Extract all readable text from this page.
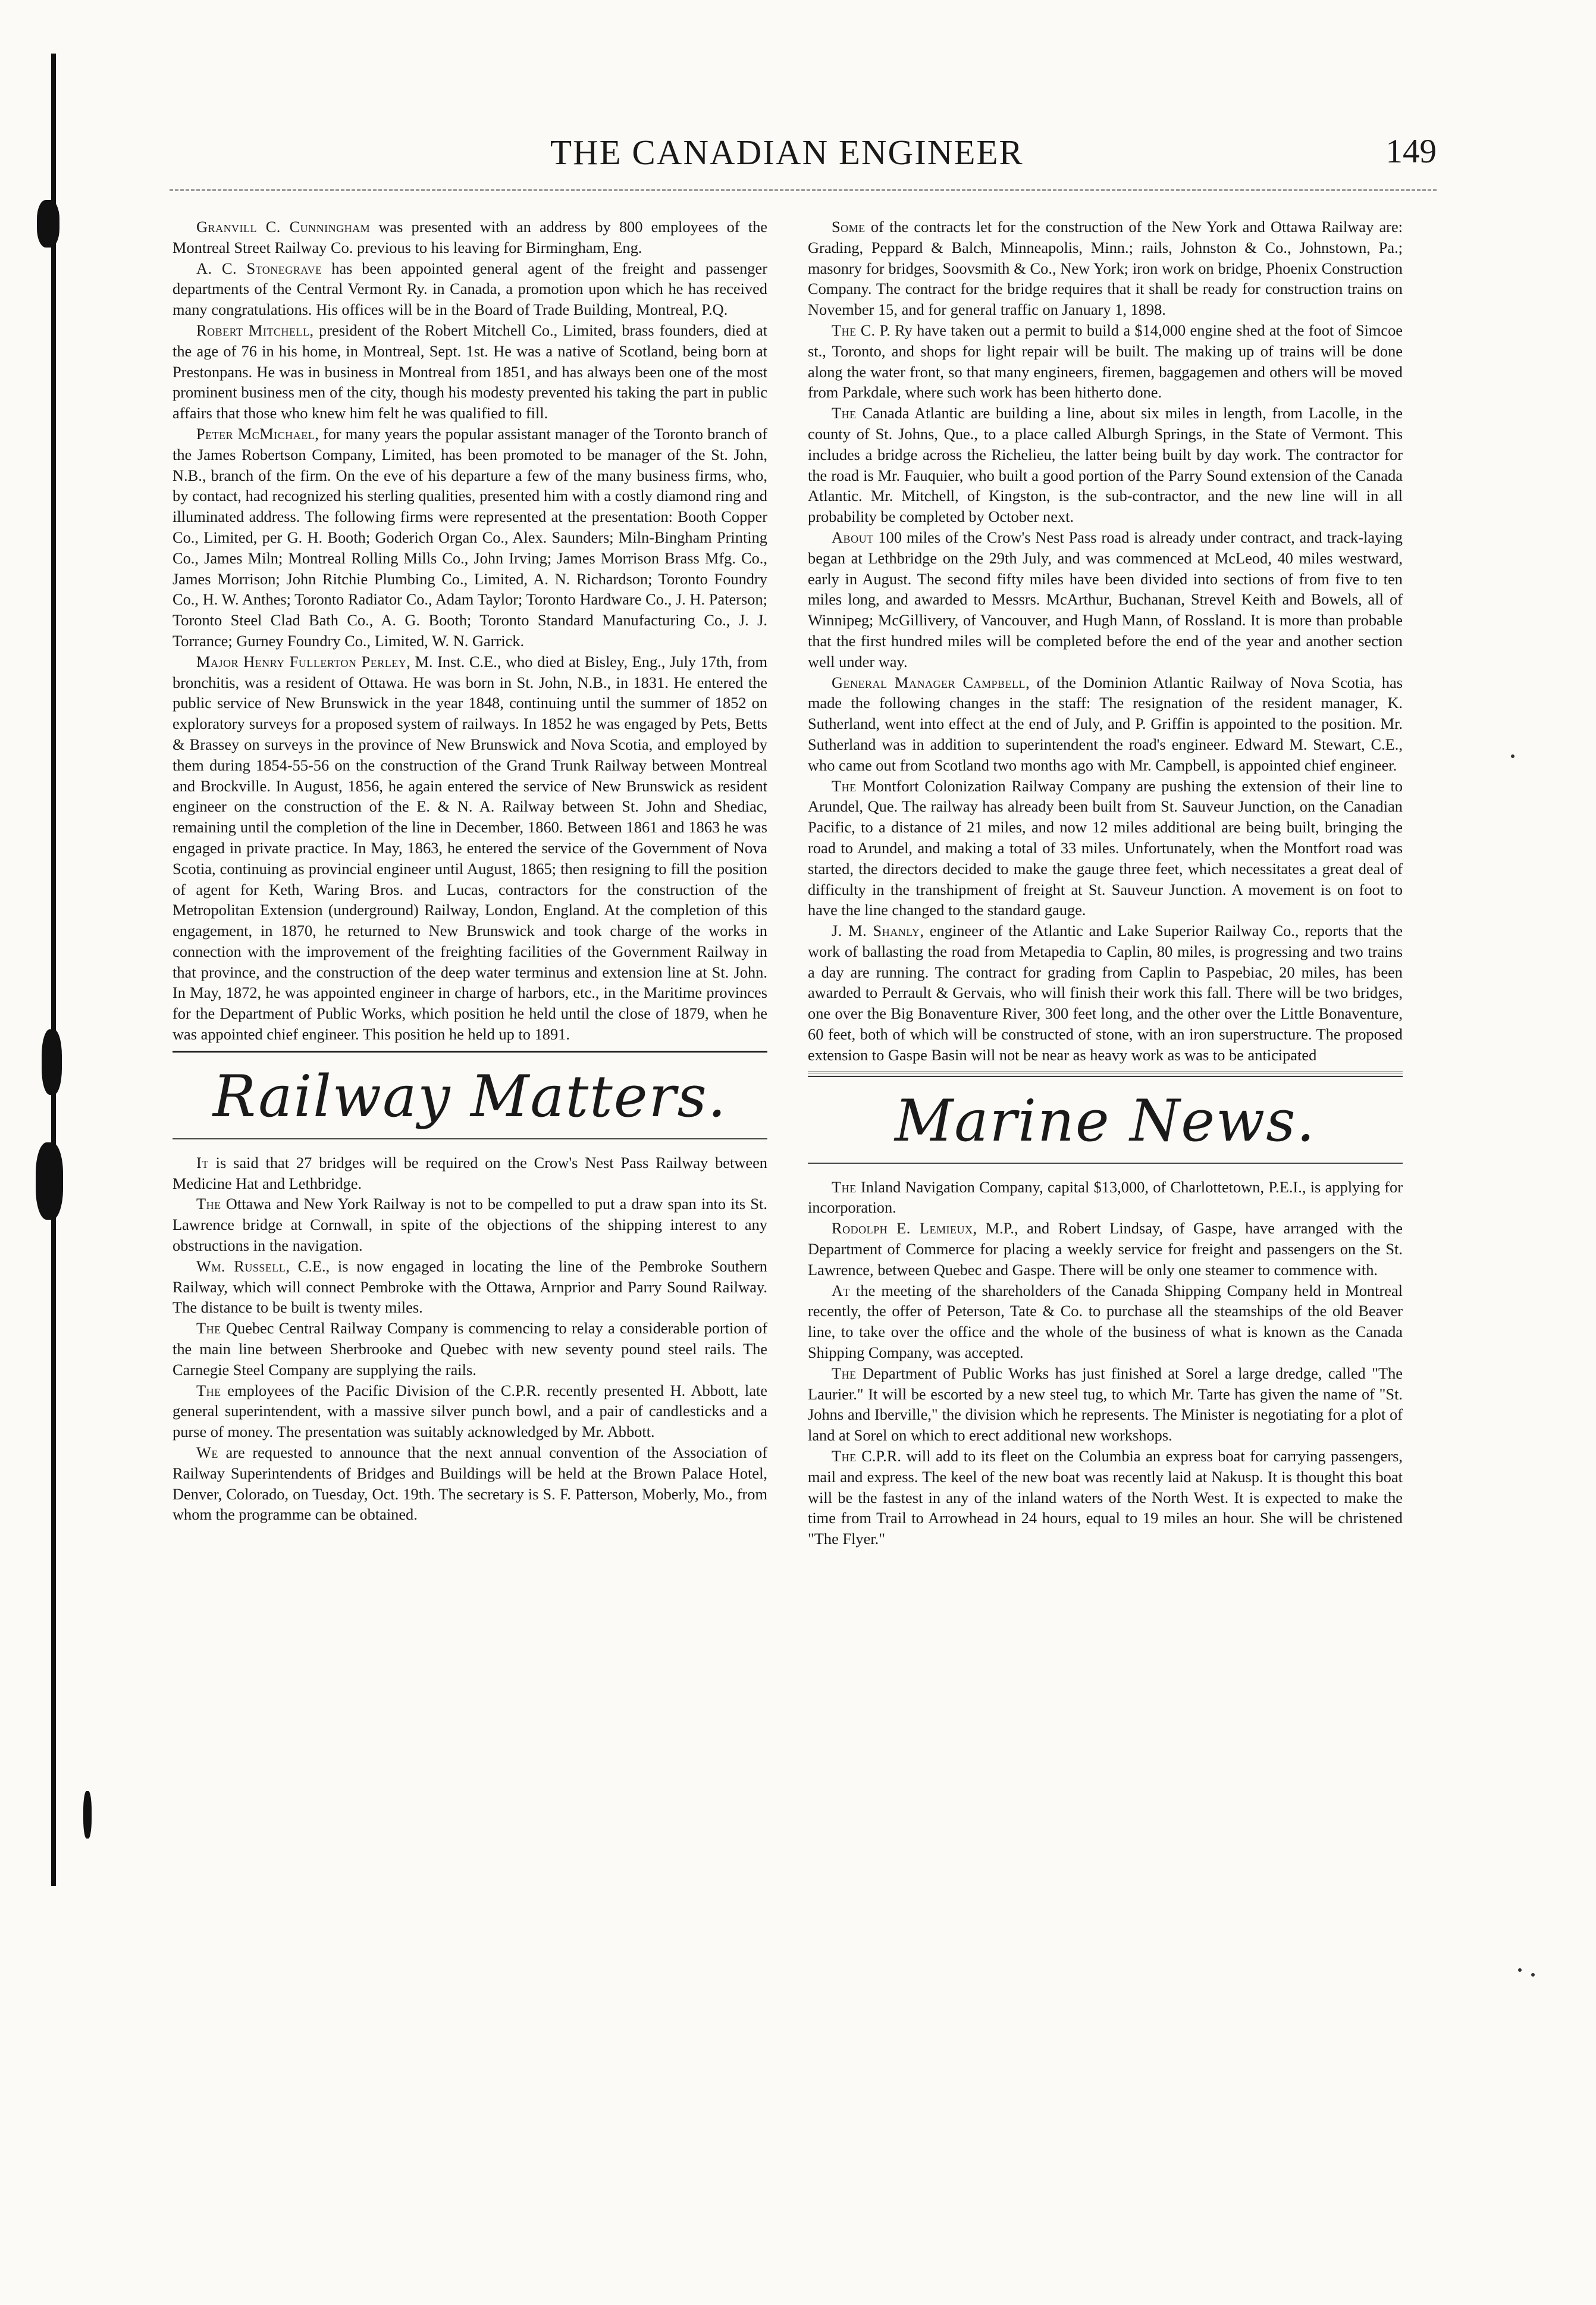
THE CANADIAN ENGINEER	149

Granvill C. Cunningham was presented with an address by 800 employees of the Montreal Street Railway Co. previous to his leaving for Birmingham, Eng.

A. C. Stonegrave has been appointed general agent of the freight and passenger departments of the Central Vermont Ry. in Canada, a promotion upon which he has received many congratulations. His offices will be in the Board of Trade Building, Montreal, P.Q.

Robert Mitchell, president of the Robert Mitchell Co., Limited, brass founders, died at the age of 76 in his home, in Montreal, Sept. 1st. He was a native of Scotland, being born at Prestonpans. He was in business in Montreal from 1851, and has always been one of the most prominent business men of the city, though his modesty prevented his taking the part in public affairs that those who knew him felt he was qualified to fill.

Peter McMichael, for many years the popular assistant manager of the Toronto branch of the James Robertson Company, Limited, has been promoted to be manager of the St. John, N.B., branch of the firm. On the eve of his departure a few of the many business firms, who, by contact, had recognized his sterling qualities, presented him with a costly diamond ring and illuminated address. The following firms were represented at the presentation: Booth Copper Co., Limited, per G. H. Booth; Goderich Organ Co., Alex. Saunders; Miln-Bingham Printing Co., James Miln; Montreal Rolling Mills Co., John Irving; James Morrison Brass Mfg. Co., James Morrison; John Ritchie Plumbing Co., Limited, A. N. Richardson; Toronto Foundry Co., H. W. Anthes; Toronto Radiator Co., Adam Taylor; Toronto Hardware Co., J. H. Paterson; Toronto Steel Clad Bath Co., A. G. Booth; Toronto Standard Manufacturing Co., J. J. Torrance; Gurney Foundry Co., Limited, W. N. Garrick.

Major Henry Fullerton Perley, M. Inst. C.E., who died at Bisley, Eng., July 17th, from bronchitis, was a resident of Ottawa. He was born in St. John, N.B., in 1831. He entered the public service of New Brunswick in the year 1848, continuing until the summer of 1852 on exploratory surveys for a proposed system of railways. In 1852 he was engaged by Pets, Betts & Brassey on surveys in the province of New Brunswick and Nova Scotia, and employed by them during 1854-55-56 on the construction of the Grand Trunk Railway between Montreal and Brockville. In August, 1856, he again entered the service of New Brunswick as resident engineer on the construction of the E. & N. A. Railway between St. John and Shediac, remaining until the completion of the line in December, 1860. Between 1861 and 1863 he was engaged in private practice. In May, 1863, he entered the service of the Government of Nova Scotia, continuing as provincial engineer until August, 1865; then resigning to fill the position of agent for Keth, Waring Bros. and Lucas, contractors for the construction of the Metropolitan Extension (underground) Railway, London, England. At the completion of this engagement, in 1870, he returned to New Brunswick and took charge of the works in connection with the improvement of the freighting facilities of the Government Railway in that province, and the construction of the deep water terminus and extension line at St. John. In May, 1872, he was appointed engineer in charge of harbors, etc., in the Maritime provinces for the Department of Public Works, which position he held until the close of 1879, when he was appointed chief engineer. This position he held up to 1891.

Railway Matters.

It is said that 27 bridges will be required on the Crow's Nest Pass Railway between Medicine Hat and Lethbridge.

The Ottawa and New York Railway is not to be compelled to put a draw span into its St. Lawrence bridge at Cornwall, in spite of the objections of the shipping interest to any obstructions in the navigation.

Wm. Russell, C.E., is now engaged in locating the line of the Pembroke Southern Railway, which will connect Pembroke with the Ottawa, Arnprior and Parry Sound Railway. The distance to be built is twenty miles.

The Quebec Central Railway Company is commencing to relay a considerable portion of the main line between Sherbrooke and Quebec with new seventy pound steel rails. The Carnegie Steel Company are supplying the rails.

The employees of the Pacific Division of the C.P.R. recently presented H. Abbott, late general superintendent, with a massive silver punch bowl, and a pair of candlesticks and a purse of money. The presentation was suitably acknowledged by Mr. Abbott.

We are requested to announce that the next annual convention of the Association of Railway Superintendents of Bridges and Buildings will be held at the Brown Palace Hotel, Denver, Colorado, on Tuesday, Oct. 19th. The secretary is S. F. Patterson, Moberly, Mo., from whom the programme can be obtained.

Some of the contracts let for the construction of the New York and Ottawa Railway are: Grading, Peppard & Balch, Minneapolis, Minn.; rails, Johnston & Co., Johnstown, Pa.; masonry for bridges, Soovsmith & Co., New York; iron work on bridge, Phoenix Construction Company. The contract for the bridge requires that it shall be ready for construction trains on November 15, and for general traffic on January 1, 1898.

The C. P. Ry have taken out a permit to build a $14,000 engine shed at the foot of Simcoe st., Toronto, and shops for light repair will be built. The making up of trains will be done along the water front, so that many engineers, firemen, baggagemen and others will be moved from Parkdale, where such work has been hitherto done.

The Canada Atlantic are building a line, about six miles in length, from Lacolle, in the county of St. Johns, Que., to a place called Alburgh Springs, in the State of Vermont. This includes a bridge across the Richelieu, the latter being built by day work. The contractor for the road is Mr. Fauquier, who built a good portion of the Parry Sound extension of the Canada Atlantic. Mr. Mitchell, of Kingston, is the sub-contractor, and the new line will in all probability be completed by October next.

About 100 miles of the Crow's Nest Pass road is already under contract, and track-laying began at Lethbridge on the 29th July, and was commenced at McLeod, 40 miles westward, early in August. The second fifty miles have been divided into sections of from five to ten miles long, and awarded to Messrs. McArthur, Buchanan, Strevel Keith and Bowels, all of Winnipeg; McGillivery, of Vancouver, and Hugh Mann, of Rossland. It is more than probable that the first hundred miles will be completed before the end of the year and another section well under way.

General Manager Campbell, of the Dominion Atlantic Railway of Nova Scotia, has made the following changes in the staff: The resignation of the resident manager, K. Sutherland, went into effect at the end of July, and P. Griffin is appointed to the position. Mr. Sutherland was in addition to superintendent the road's engineer. Edward M. Stewart, C.E., who came out from Scotland two months ago with Mr. Campbell, is appointed chief engineer.

The Montfort Colonization Railway Company are pushing the extension of their line to Arundel, Que. The railway has already been built from St. Sauveur Junction, on the Canadian Pacific, to a distance of 21 miles, and now 12 miles additional are being built, bringing the road to Arundel, and making a total of 33 miles. Unfortunately, when the Montfort road was started, the directors decided to make the gauge three feet, which necessitates a great deal of difficulty in the transhipment of freight at St. Sauveur Junction. A movement is on foot to have the line changed to the standard gauge.

J. M. Shanly, engineer of the Atlantic and Lake Superior Railway Co., reports that the work of ballasting the road from Metapedia to Caplin, 80 miles, is progressing and two trains a day are running. The contract for grading from Caplin to Paspebiac, 20 miles, has been awarded to Perrault & Gervais, who will finish their work this fall. There will be two bridges, one over the Big Bonaventure River, 300 feet long, and the other over the Little Bonaventure, 60 feet, both of which will be constructed of stone, with an iron superstructure. The proposed extension to Gaspe Basin will not be near as heavy work as was to be anticipated

Marine News.

The Inland Navigation Company, capital $13,000, of Charlottetown, P.E.I., is applying for incorporation.

Rodolph E. Lemieux, M.P., and Robert Lindsay, of Gaspe, have arranged with the Department of Commerce for placing a weekly service for freight and passengers on the St. Lawrence, between Quebec and Gaspe. There will be only one steamer to commence with.

At the meeting of the shareholders of the Canada Shipping Company held in Montreal recently, the offer of Peterson, Tate & Co. to purchase all the steamships of the old Beaver line, to take over the office and the whole of the business of what is known as the Canada Shipping Company, was accepted.

The Department of Public Works has just finished at Sorel a large dredge, called "The Laurier." It will be escorted by a new steel tug, to which Mr. Tarte has given the name of "St. Johns and Iberville," the division which he represents. The Minister is negotiating for a plot of land at Sorel on which to erect additional new workshops.

The C.P.R. will add to its fleet on the Columbia an express boat for carrying passengers, mail and express. The keel of the new boat was recently laid at Nakusp. It is thought this boat will be the fastest in any of the inland waters of the North West. It is expected to make the time from Trail to Arrowhead in 24 hours, equal to 19 miles an hour. She will be christened "The Flyer."
